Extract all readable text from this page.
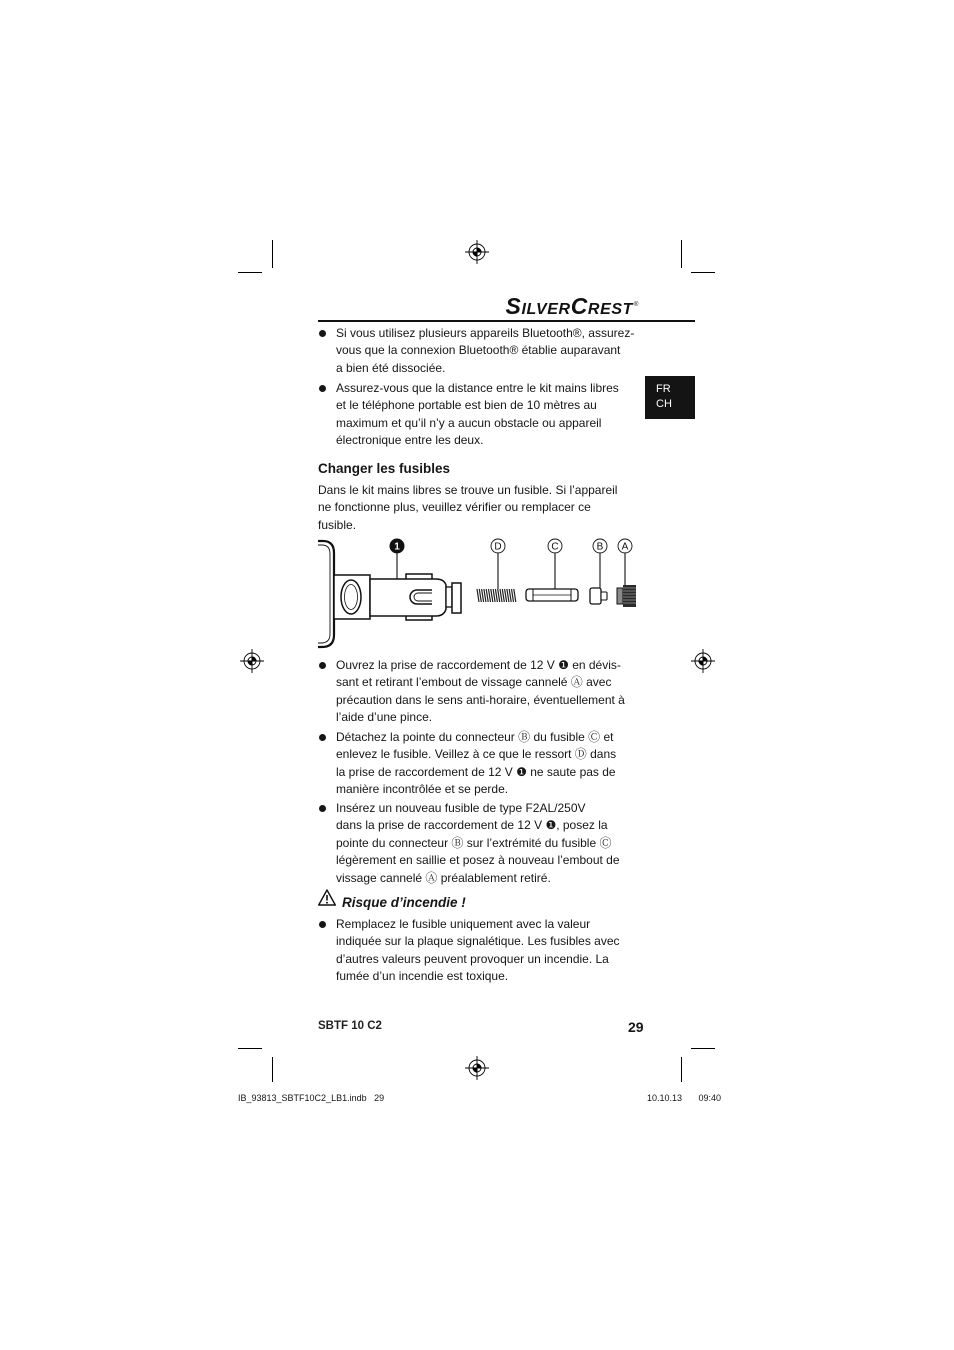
SilverCrest ®
FR
CH
Si vous utilisez plusieurs appareils Bluetooth®, assurez-
vous que la connexion Bluetooth® établie auparavant
a bien été dissociée.
Assurez-vous que la distance entre le kit mains libres
et le téléphone portable est bien de 10 mètres au
maximum et qu’il n’y a aucun obstacle ou appareil
électronique entre les deux.
Changer les fusibles
Dans le kit mains libres se trouve un fusible. Si l’appareil
ne fonctionne plus, veuillez vérifier ou remplacer ce
fusible.
1	D	C	B A
Ouvrez la prise de raccordement de 12 V ❶ en dévis-
sant et retirant l’embout de vissage cannelé Ⓐ avec
précaution dans le sens anti-horaire, éventuellement à
l’aide d’une pince.
Détachez la pointe du connecteur Ⓑ du fusible Ⓒ et
enlevez le fusible. Veillez à ce que le ressort Ⓓ dans
la prise de raccordement de 12 V ❶ ne saute pas de
manière incontrôlée et se perde.
Insérez un nouveau fusible de type F2AL/250V
dans la prise de raccordement de 12 V ❶, posez la
pointe du connecteur Ⓑ sur l’extrémité du fusible Ⓒ
légèrement en saillie et posez à nouveau l’embout de
vissage cannelé Ⓐ préalablement retiré.
Risque d’incendie !
Remplacez le fusible uniquement avec la valeur
indiquée sur la plaque signalétique. Les fusibles avec
d’autres valeurs peuvent provoquer un incendie. La
fumée d’un incendie est toxique.
SBTF 10 C2	29
IB_93813_SBTF10C2_LB1.indb   29	10.10.13   09:40
